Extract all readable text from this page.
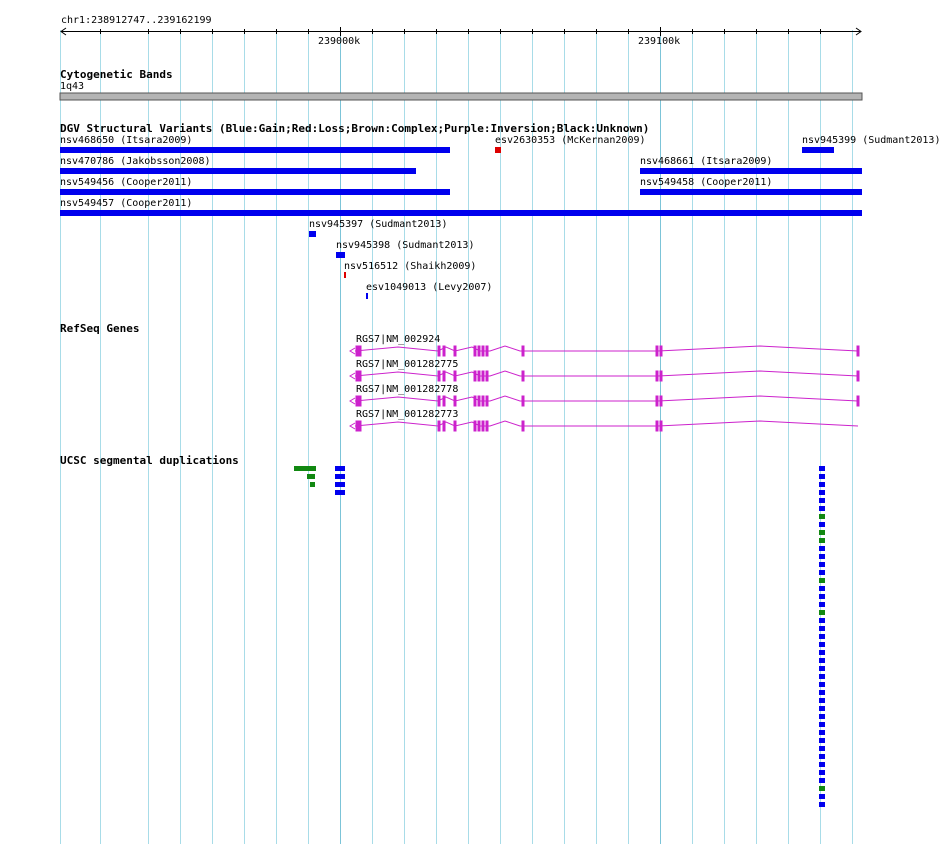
chr1:238912747..239162199
239000k	239100k
Cytogenetic Bands
1q43
DGV Structural Variants (Blue:Gain;Red:Loss;Brown:Complex;Purple:Inversion;Black:Unknown)
nsv468650 (Itsara2009)	esv2630353 (McKernan2009)	nsv945399 (Sudmant2013)
nsv470786 (Jakobsson2008)	nsv468661 (Itsara2009)
nsv549456 (Cooper2011)	nsv549458 (Cooper2011)
nsv549457 (Cooper2011)
nsv945397 (Sudmant2013)
nsv945398 (Sudmant2013)
nsv516512 (Shaikh2009)
esv1049013 (Levy2007)
RefSeq Genes
RGS7|NM_002924
RGS7|NM_001282775
RGS7|NM_001282778
RGS7|NM_001282773
UCSC segmental duplications
